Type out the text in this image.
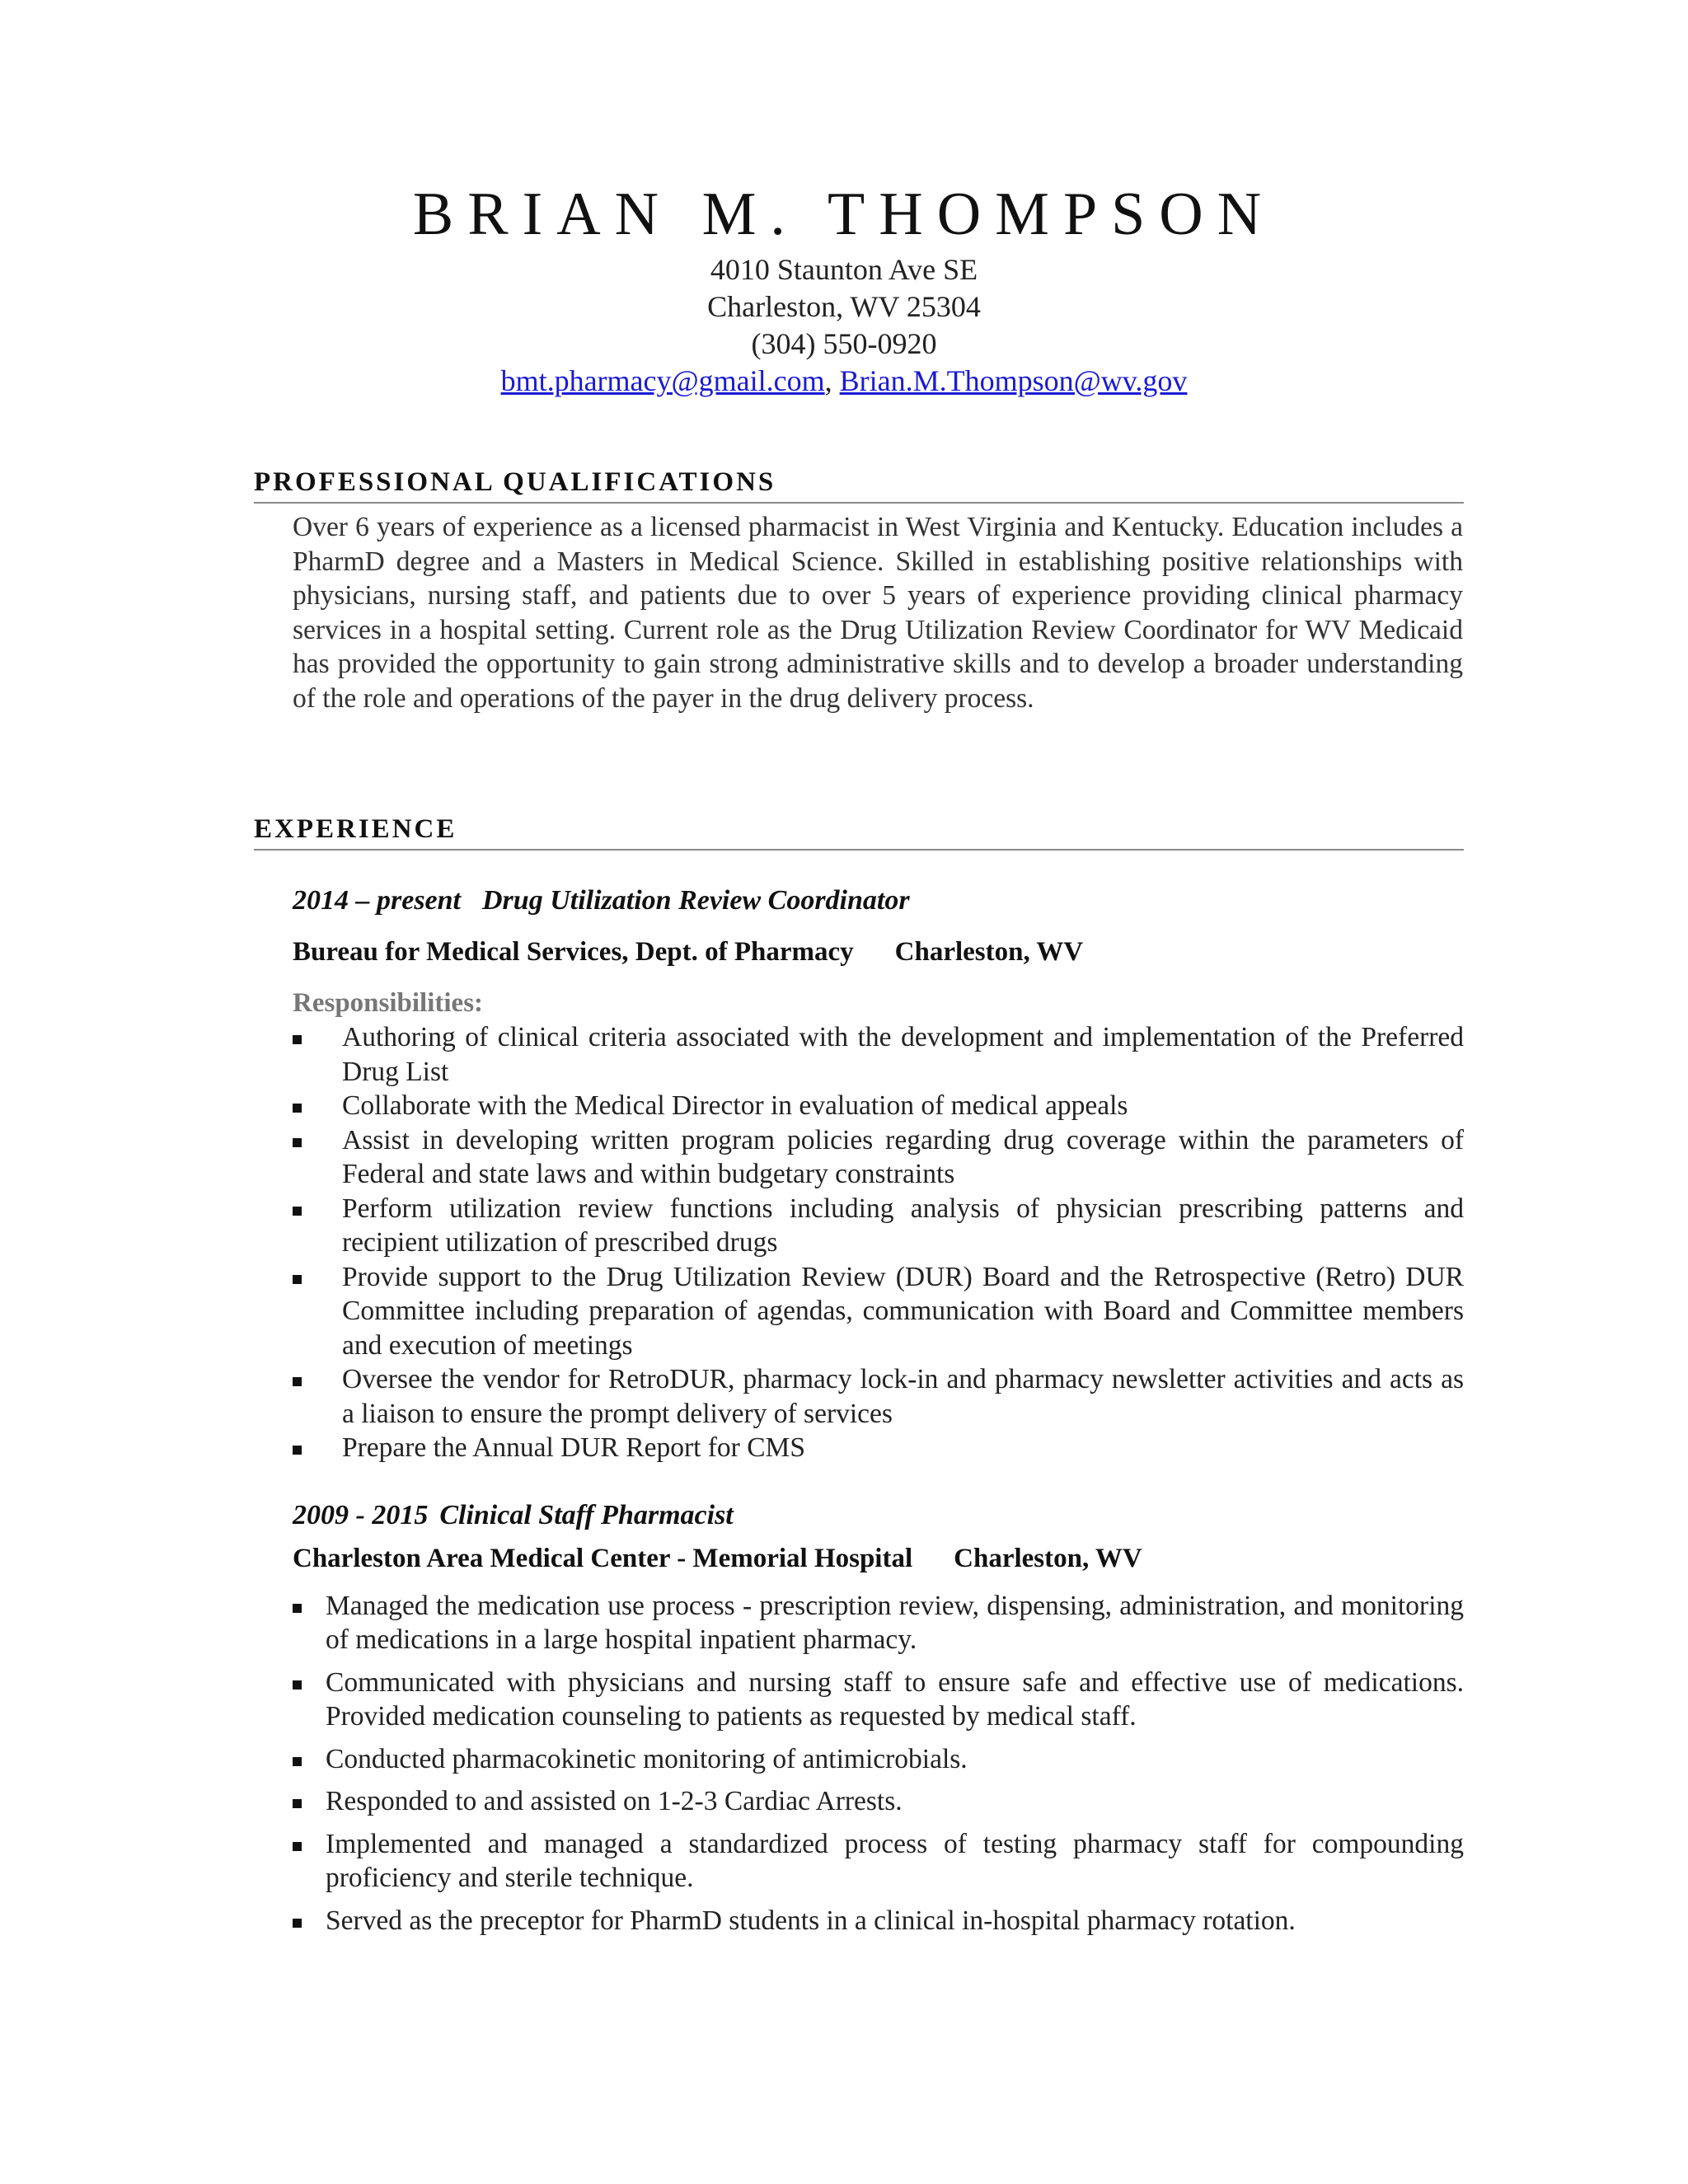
BRIAN M. THOMPSON
4010 Staunton Ave SE
Charleston, WV 25304
(304) 550-0920
bmt.pharmacy@gmail.com, Brian.M.Thompson@wv.gov
PROFESSIONAL QUALIFICATIONS
Over 6 years of experience as a licensed pharmacist in West Virginia and Kentucky. Education includes a PharmD degree and a Masters in Medical Science. Skilled in establishing positive relationships with physicians, nursing staff, and patients due to over 5 years of experience providing clinical pharmacy services in a hospital setting. Current role as the Drug Utilization Review Coordinator for WV Medicaid has provided the opportunity to gain strong administrative skills and to develop a broader understanding of the role and operations of the payer in the drug delivery process.
EXPERIENCE
2014 – present Drug Utilization Review Coordinator
Bureau for Medical Services, Dept. of Pharmacy Charleston, WV
Responsibilities:
Authoring of clinical criteria associated with the development and implementation of the Preferred Drug List
Collaborate with the Medical Director in evaluation of medical appeals
Assist in developing written program policies regarding drug coverage within the parameters of Federal and state laws and within budgetary constraints
Perform utilization review functions including analysis of physician prescribing patterns and recipient utilization of prescribed drugs
Provide support to the Drug Utilization Review (DUR) Board and the Retrospective (Retro) DUR Committee including preparation of agendas, communication with Board and Committee members and execution of meetings
Oversee the vendor for RetroDUR, pharmacy lock-in and pharmacy newsletter activities and acts as a liaison to ensure the prompt delivery of services
Prepare the Annual DUR Report for CMS
2009 - 2015 Clinical Staff Pharmacist
Charleston Area Medical Center - Memorial Hospital Charleston, WV
Managed the medication use process - prescription review, dispensing, administration, and monitoring of medications in a large hospital inpatient pharmacy.
Communicated with physicians and nursing staff to ensure safe and effective use of medications. Provided medication counseling to patients as requested by medical staff.
Conducted pharmacokinetic monitoring of antimicrobials.
Responded to and assisted on 1-2-3 Cardiac Arrests.
Implemented and managed a standardized process of testing pharmacy staff for compounding proficiency and sterile technique.
Served as the preceptor for PharmD students in a clinical in-hospital pharmacy rotation.
